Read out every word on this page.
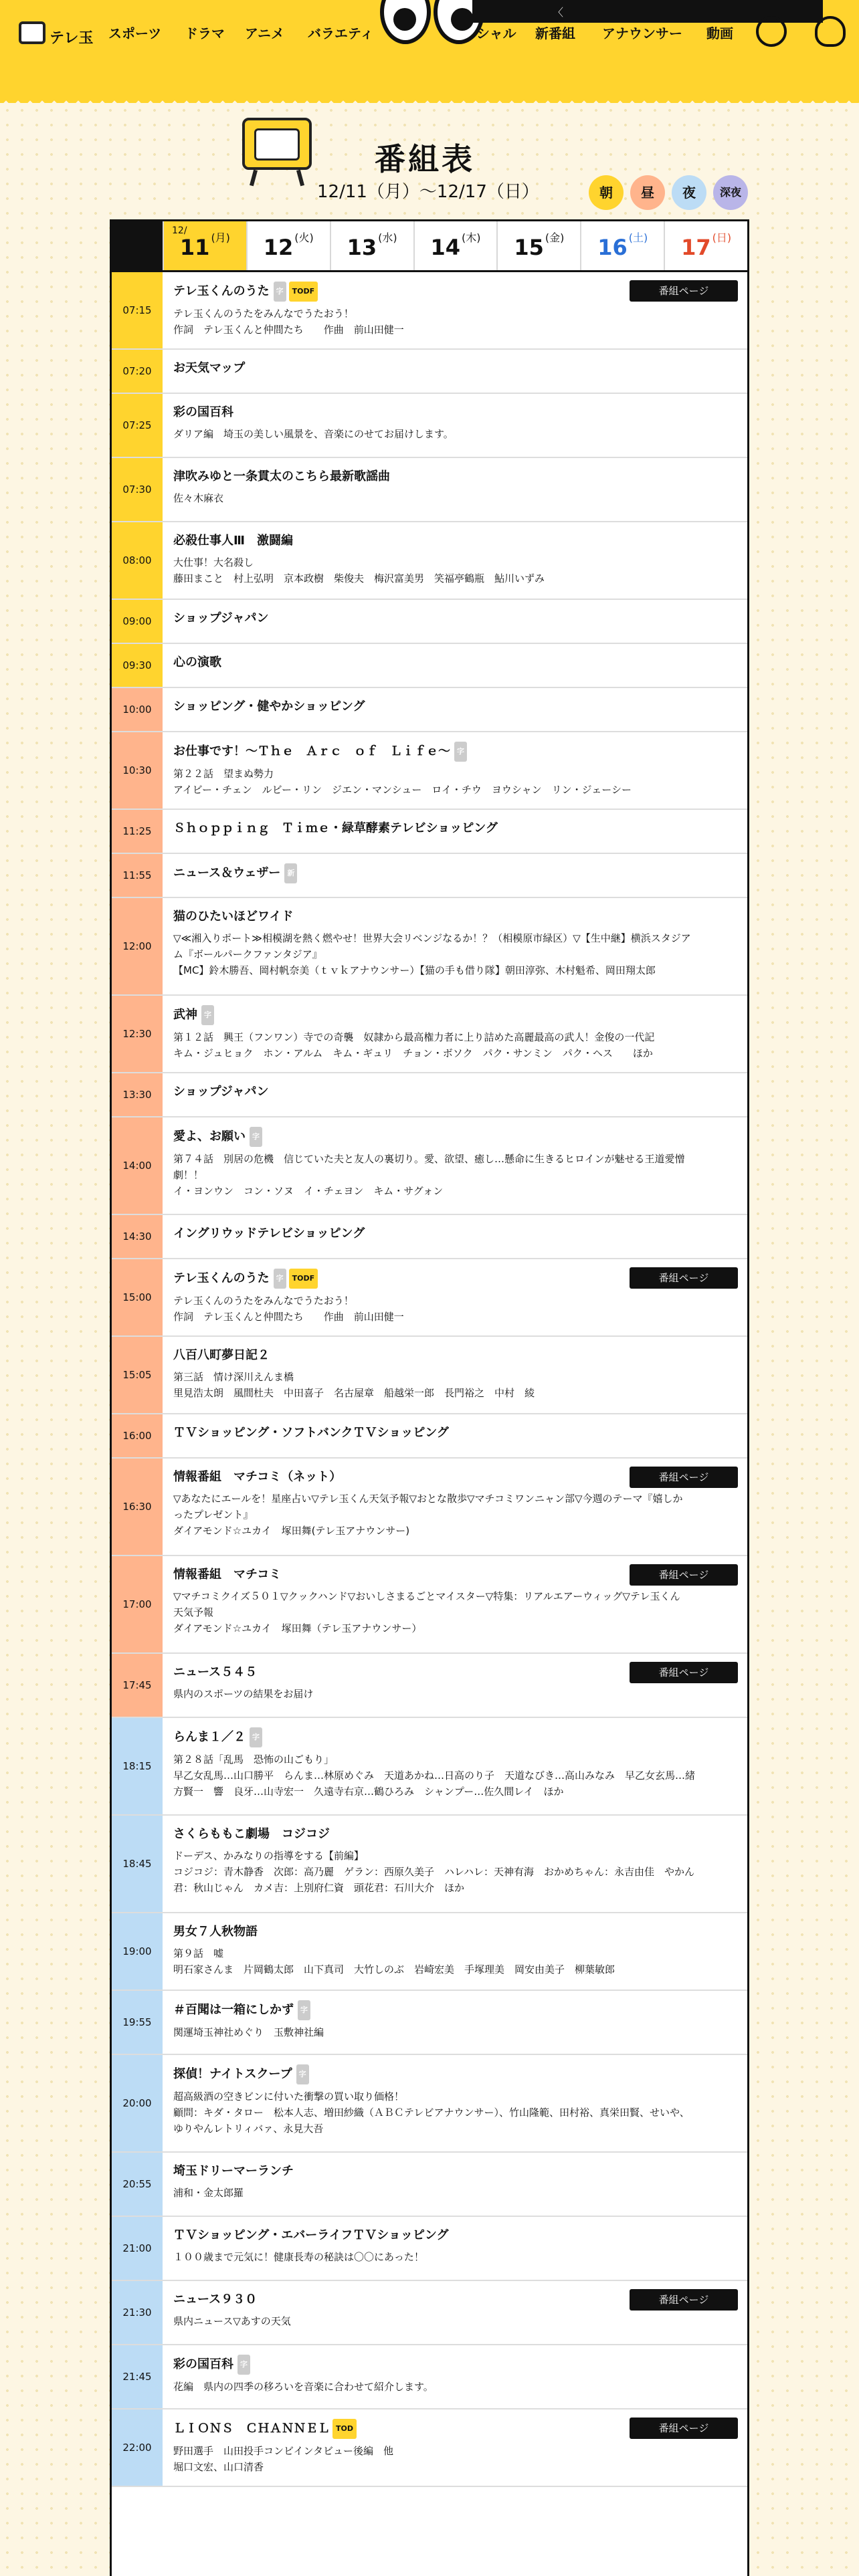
テレ玉 スポーツ ドラマ アニメ バラエティ	シャル 新番組 アナウンサー 動画
〈
番組表
12/11（月）〜12/17（日）	朝	昼	夜	深夜
12/
11 (月)	12 (火)	13 (水)	14 (木)	15 (金)	16 (土)	17 (日)
07:15
テレ玉くんのうた 字 TODF
テレ玉くんのうたをみんなでうたおう！
作詞　テレ玉くんと仲間たち　　作曲　前山田健一
番組ページ
07:20	お天気マップ
07:25
彩の国百科
ダリア編　埼玉の美しい風景を、音楽にのせてお届けします。
07:30
津吹みゆと一条貫太のこちら最新歌謡曲
佐々木麻衣
08:00
必殺仕事人Ⅲ　激闘編
大仕事！大名殺し
藤田まこと　村上弘明　京本政樹　柴俊夫　梅沢富美男　笑福亭鶴瓶　鮎川いずみ
09:00	ショップジャパン
09:30	心の演歌
10:00	ショッピング・健やかショッピング
10:30
お仕事です！〜Ｔｈｅ　Ａｒｃ　ｏｆ　Ｌｉｆｅ〜 字
第２２話　望まぬ勢力
アイビー・チェン　ルビー・リン　ジエン・マンシュー　ロイ・チウ　ヨウシャン　リン・ジェーシー
11:25	Ｓｈｏｐｐｉｎｇ　Ｔｉｍｅ・緑草酵素テレビショッピング
11:55	ニュース＆ウェザー 新
12:00
猫のひたいほどワイド
▽≪湘入りポート≫相模湖を熱く燃やせ！世界大会リベンジなるか！？（相模原市緑区）▽【生中継】横浜スタジア
ム『ボールパークファンタジア』
【MC】鈴木勝吾、岡村帆奈美（ｔｖｋアナウンサー）【猫の手も借り隊】朝田淳弥、木村魁希、岡田翔太郎
12:30
武神 字
第１２話　興王（フンワン）寺での奇襲　奴隷から最高権力者に上り詰めた高麗最高の武人！金俊の一代記
キム・ジュヒョク　ホン・アルム　キム・ギュリ　チョン・ボソク　パク・サンミン　パク・ヘス　　ほか
13:30	ショップジャパン
14:00
愛よ、お願い 字
第７４話　別居の危機　信じていた夫と友人の裏切り。愛、欲望、癒し…懸命に生きるヒロインが魅せる王道愛憎
劇！！
イ・ヨンウン　コン・ソヌ　イ・チェヨン　キム・サグォン
14:30	イングリウッドテレビショッピング
15:00
テレ玉くんのうた 字 TODF
テレ玉くんのうたをみんなでうたおう！
作詞　テレ玉くんと仲間たち　　作曲　前山田健一
番組ページ
15:05
八百八町夢日記２
第三話　情け深川えんま橋
里見浩太朗　風間杜夫　中田喜子　名古屋章　船越栄一郎　長門裕之　中村　綾
16:00	ＴＶショッピング・ソフトバンクＴＶショッピング
16:30
情報番組　マチコミ（ネット）
▽あなたにエールを！星座占い▽テレ玉くん天気予報▽おとな散歩▽マチコミワンニャン部▽今週のテーマ『嬉しか
ったプレゼント』
ダイアモンド☆ユカイ　塚田舞(テレ玉アナウンサー)
番組ページ
17:00
情報番組　マチコミ
▽マチコミクイズ５０１▽クックハンド▽おいしさまるごとマイスター▽特集：リアルエアーウィッグ▽テレ玉くん
天気予報
ダイアモンド☆ユカイ　塚田舞（テレ玉アナウンサー）
番組ページ
17:45
ニュース５４５
県内のスポーツの結果をお届け
番組ページ
18:15
らんま１／２ 字
第２８話「乱馬　恐怖の山ごもり」
早乙女乱馬…山口勝平　らんま…林原めぐみ　天道あかね…日高のり子　天道なびき…高山みなみ　早乙女玄馬…緒
方賢一　響　良牙…山寺宏一　久遠寺右京…鶴ひろみ　シャンプー…佐久間レイ　ほか
18:45
さくらももこ劇場　コジコジ
ドーデス、かみなりの指導をする【前編】
コジコジ：青木静香　次郎：高乃麗　ゲラン：西原久美子　ハレハレ：天神有海　おかめちゃん：永吉由佳　やかん
君：秋山じゃん　カメ吉：上別府仁資　頭花君：石川大介　ほか
19:00
男女７人秋物語
第９話　嘘
明石家さんま　片岡鶴太郎　山下真司　大竹しのぶ　岩崎宏美　手塚理美　岡安由美子　柳葉敏郎
19:55
＃百聞は一箱にしかず 字
関運埼玉神社めぐり　玉敷神社編
20:00
探偵！ナイトスクープ 字
超高級酒の空きビンに付いた衝撃の買い取り価格！
顧問：キダ・タロー　松本人志、増田紗織（ＡＢＣテレビアナウンサー）、竹山隆範、田村裕、真栄田賢、せいや、
ゆりやんレトリィバァ、永見大吾
20:55
埼玉ドリーマーランチ
浦和・金太郎羅
21:00
ＴＶショッピング・エバーライフＴＶショッピング
１００歳まで元気に！健康長寿の秘訣は〇〇にあった！
21:30
ニュース９３０
県内ニュース▽あすの天気
番組ページ
21:45
彩の国百科 字
花編　県内の四季の移ろいを音楽に合わせて紹介します。
22:00
ＬＩＯＮＳ　ＣＨＡＮＮＥＬ TOD
野田選手　山田投手コンビインタビュー後編　他
堀口文宏、山口清香
番組ページ
